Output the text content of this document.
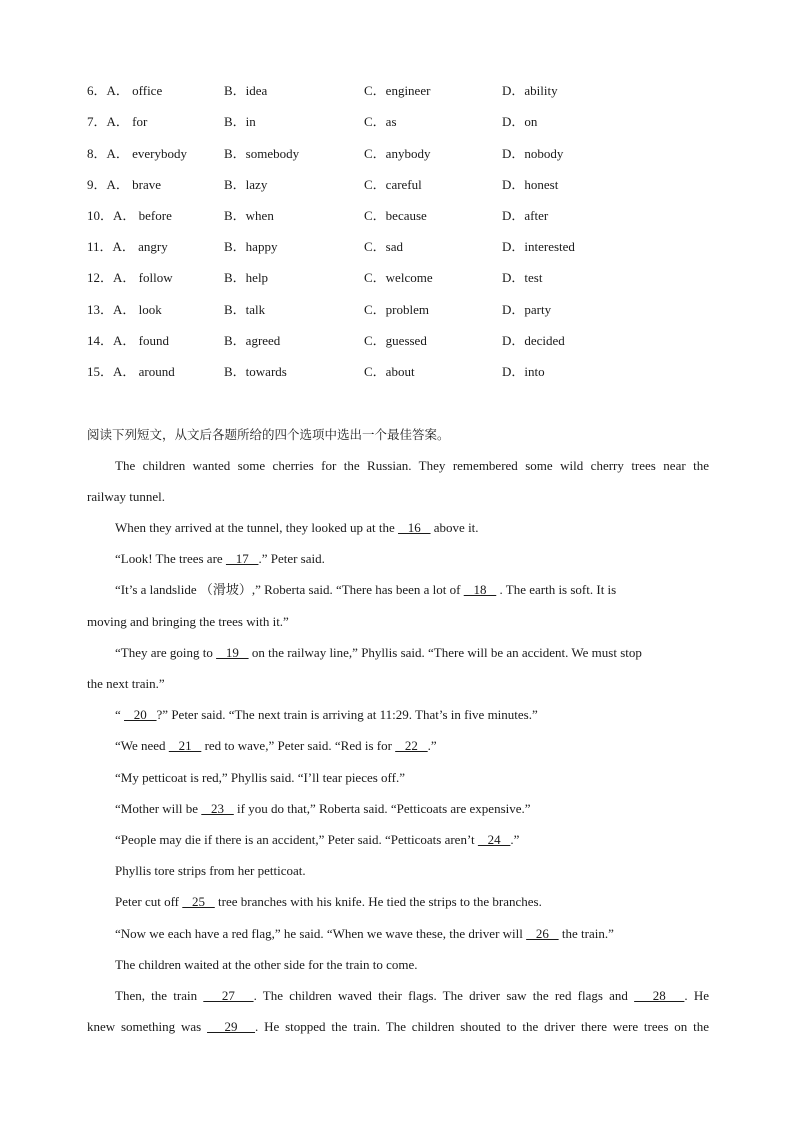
6．A． office	B．idea	C．engineer	D．ability
7．A． for	B．in	C．as	D．on
8．A． everybody	B．somebody	C．anybody	D．nobody
9．A． brave	B．lazy	C．careful	D．honest
10．A． before	B．when	C．because	D．after
11．A． angry	B．happy	C．sad	D．interested
12．A． follow	B．help	C．welcome	D．test
13．A． look	B．talk	C．problem	D．party
14．A． found	B．agreed	C．guessed	D．decided
15．A． around	B．towards	C．about	D．into
阅读下列短文，从文后各题所给的四个选项中选出一个最佳答案。
The children wanted some cherries for the Russian. They remembered some wild cherry trees near the
railway tunnel.
When they arrived at the tunnel, they looked up at the    16    above it.
“Look! The trees are    17   .” Peter said.
“It’s a landslide （滑坡）,” Roberta said. “There has been a lot of    18    . The earth is soft. It is
moving and bringing the trees with it.”
“They are going to    19    on the railway line,” Phyllis said. “There will be an accident. We must stop
the next train.”
“    20   ?” Peter said. “The next train is arriving at 11:29. That’s in five minutes.”
“We need    21    red to wave,” Peter said. “Red is for    22   .”
“My petticoat is red,” Phyllis said. “I’ll tear pieces off.”
“Mother will be    23    if you do that,” Roberta said. “Petticoats are expensive.”
“People may die if there is an accident,” Peter said. “Petticoats aren’t    24   .”
Phyllis tore strips from her petticoat.
Peter cut off    25    tree branches with his knife. He tied the strips to the branches.
“Now we each have a red flag,” he said. “When we wave these, the driver will    26    the train.”
The children waited at the other side for the train to come.
Then, the train    27   . The children waved their flags. The driver saw the red flags and    28   . He
knew something was    29   . He stopped the train. The children shouted to the driver there were trees on the
